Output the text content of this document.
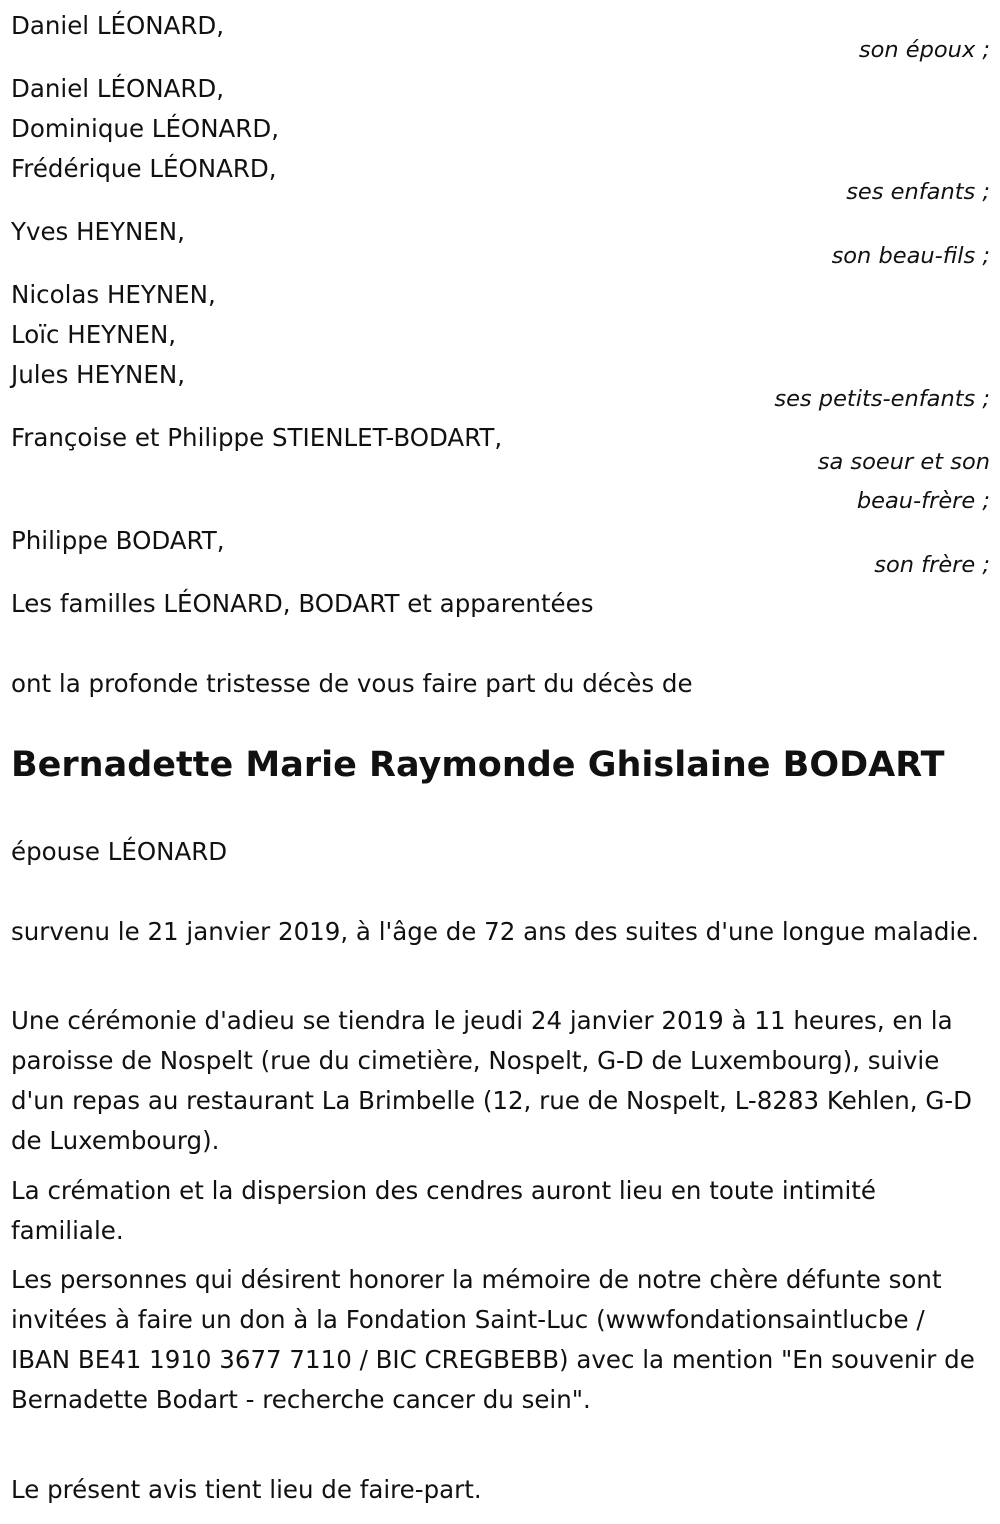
Daniel LÉONARD,
son époux ;
Daniel LÉONARD,
Dominique LÉONARD,
Frédérique LÉONARD,
ses enfants ;
Yves HEYNEN,
son beau-fils ;
Nicolas HEYNEN,
Loïc HEYNEN,
Jules HEYNEN,
ses petits-enfants ;
Françoise et Philippe STIENLET-BODART,
sa soeur et son
beau-frère ;
Philippe BODART,
son frère ;
Les familles LÉONARD, BODART et apparentées
ont la profonde tristesse de vous faire part du décès de
Bernadette Marie Raymonde Ghislaine BODART
épouse LÉONARD
survenu le 21 janvier 2019, à l'âge de 72 ans des suites d'une longue maladie.
Une cérémonie d'adieu se tiendra le jeudi 24 janvier 2019 à 11 heures, en la paroisse de Nospelt (rue du cimetière, Nospelt, G-D de Luxembourg), suivie d'un repas au restaurant La Brimbelle (12, rue de Nospelt, L-8283 Kehlen, G-D de Luxembourg).
La crémation et la dispersion des cendres auront lieu en toute intimité familiale.
Les personnes qui désirent honorer la mémoire de notre chère défunte sont invitées à faire un don à la Fondation Saint-Luc (wwwfondationsaintlucbe / IBAN BE41 1910 3677 7110 / BIC CREGBEBB) avec la mention "En souvenir de Bernadette Bodart - recherche cancer du sein".
Le présent avis tient lieu de faire-part.
